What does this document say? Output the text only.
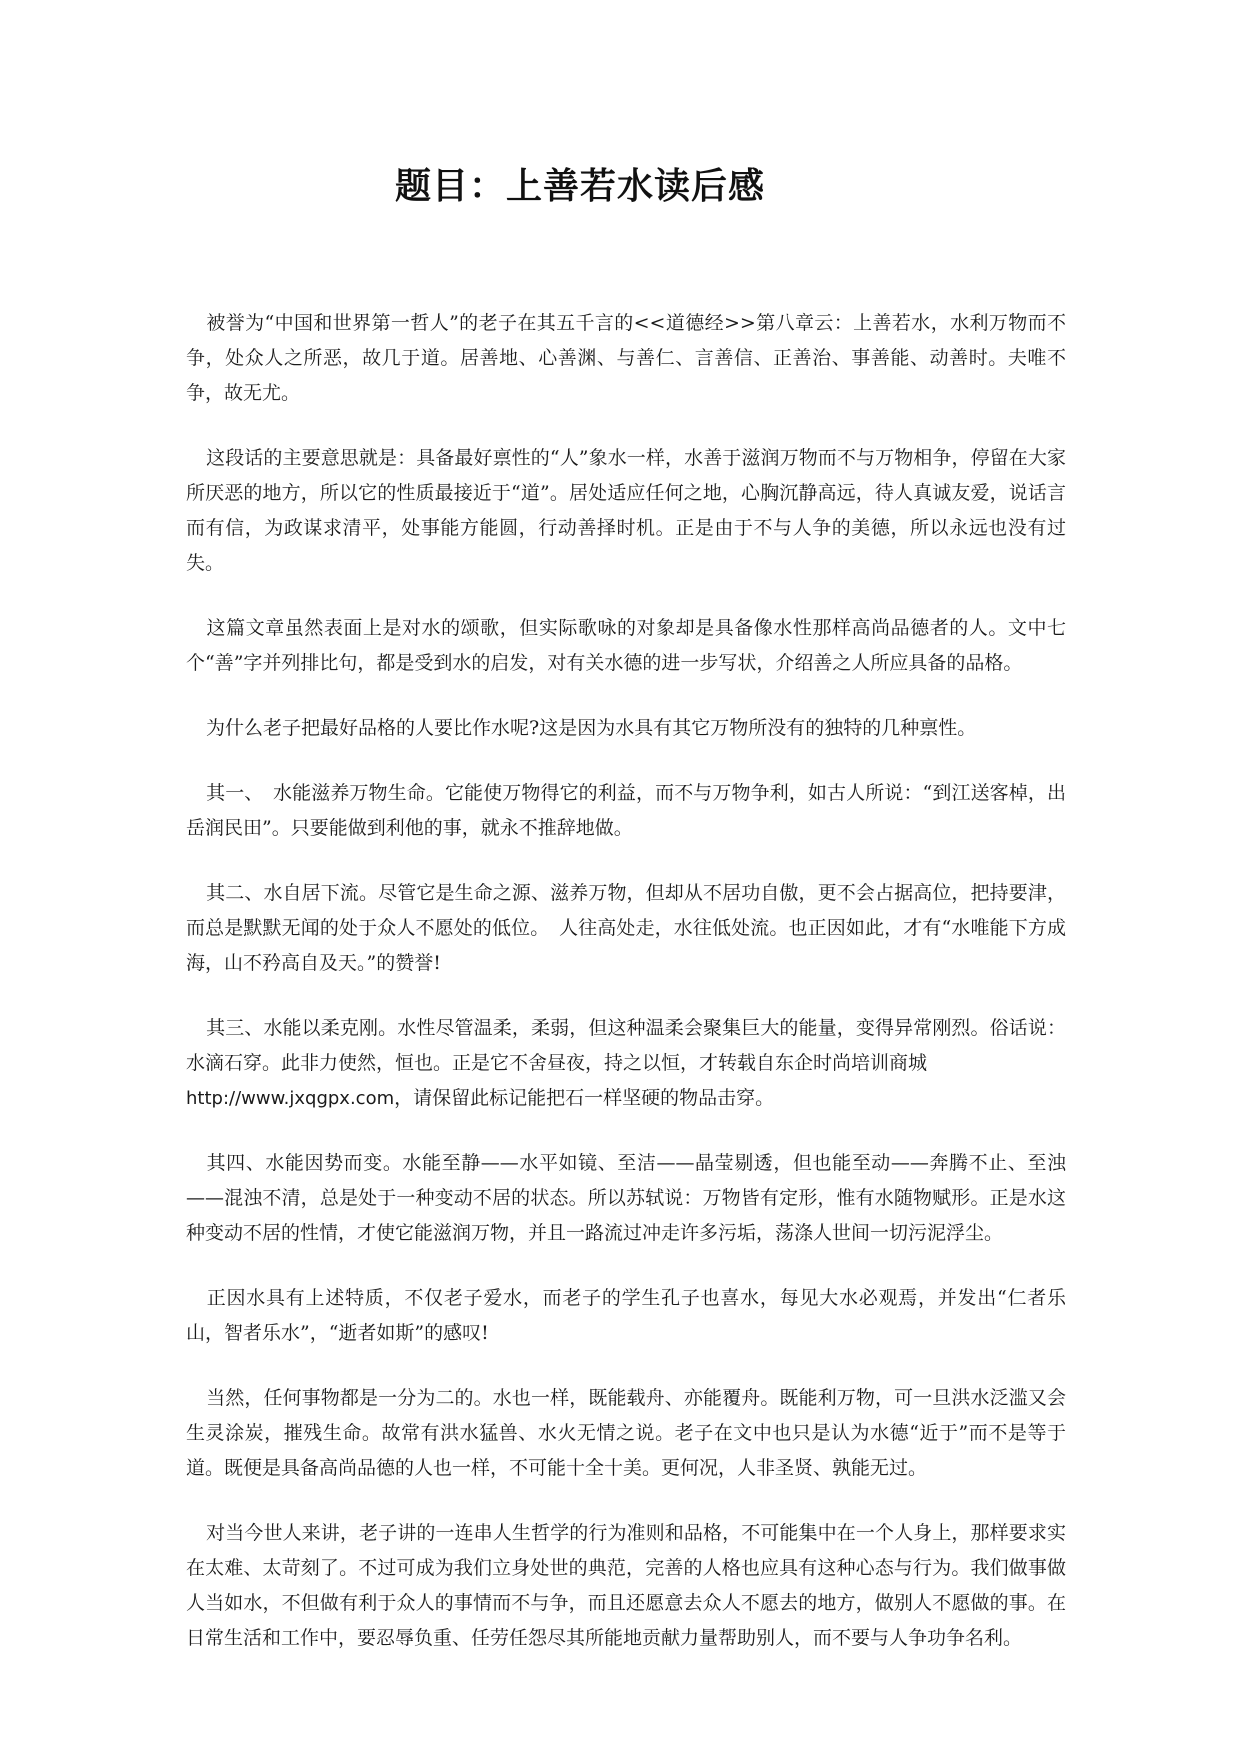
题目：上善若水读后感

被誉为“中国和世界第一哲人”的老子在其五千言的<<道德经>>第八章云：上善若水，水利万物而不争，处众人之所恶，故几于道。居善地、心善渊、与善仁、言善信、正善治、事善能、动善时。夫唯不争，故无尤。

这段话的主要意思就是：具备最好禀性的“人”象水一样，水善于滋润万物而不与万物相争，停留在大家所厌恶的地方，所以它的性质最接近于“道”。居处适应任何之地，心胸沉静高远，待人真诚友爱，说话言而有信，为政谋求清平，处事能方能圆，行动善择时机。正是由于不与人争的美德，所以永远也没有过失。

这篇文章虽然表面上是对水的颂歌，但实际歌咏的对象却是具备像水性那样高尚品德者的人。文中七个“善”字并列排比句，都是受到水的启发，对有关水德的进一步写状，介绍善之人所应具备的品格。

为什么老子把最好品格的人要比作水呢?这是因为水具有其它万物所没有的独特的几种禀性。

其一、　水能滋养万物生命。它能使万物得它的利益，而不与万物争利，如古人所说：“到江送客棹，出岳润民田”。只要能做到利他的事，就永不推辞地做。

其二、水自居下流。尽管它是生命之源、滋养万物，但却从不居功自傲，更不会占据高位，把持要津，而总是默默无闻的处于众人不愿处的低位。　人往高处走，水往低处流。也正因如此，才有“水唯能下方成海，山不矜高自及天。”的赞誉!

其三、水能以柔克刚。水性尽管温柔，柔弱，但这种温柔会聚集巨大的能量，变得异常刚烈。俗话说：水滴石穿。此非力使然，恒也。正是它不舍昼夜，持之以恒，才转载自东企时尚培训商城
http://www.jxqgpx.com，请保留此标记能把石一样坚硬的物品击穿。

其四、水能因势而变。水能至静——水平如镜、至洁——晶莹剔透，但也能至动——奔腾不止、至浊——混浊不清，总是处于一种变动不居的状态。所以苏轼说：万物皆有定形，惟有水随物赋形。正是水这种变动不居的性情，才使它能滋润万物，并且一路流过冲走许多污垢，荡涤人世间一切污泥浮尘。

正因水具有上述特质，不仅老子爱水，而老子的学生孔子也喜水，每见大水必观焉，并发出“仁者乐山，智者乐水”，“逝者如斯”的感叹!

当然，任何事物都是一分为二的。水也一样，既能载舟、亦能覆舟。既能利万物，可一旦洪水泛滥又会生灵涂炭，摧残生命。故常有洪水猛兽、水火无情之说。老子在文中也只是认为水德“近于”而不是等于道。既便是具备高尚品德的人也一样，不可能十全十美。更何况，人非圣贤、孰能无过。

对当今世人来讲，老子讲的一连串人生哲学的行为准则和品格，不可能集中在一个人身上，那样要求实在太难、太苛刻了。不过可成为我们立身处世的典范，完善的人格也应具有这种心态与行为。我们做事做人当如水，不但做有利于众人的事情而不与争，而且还愿意去众人不愿去的地方，做别人不愿做的事。在日常生活和工作中，要忍辱负重、任劳任怨尽其所能地贡献力量帮助别人，而不要与人争功争名利。
